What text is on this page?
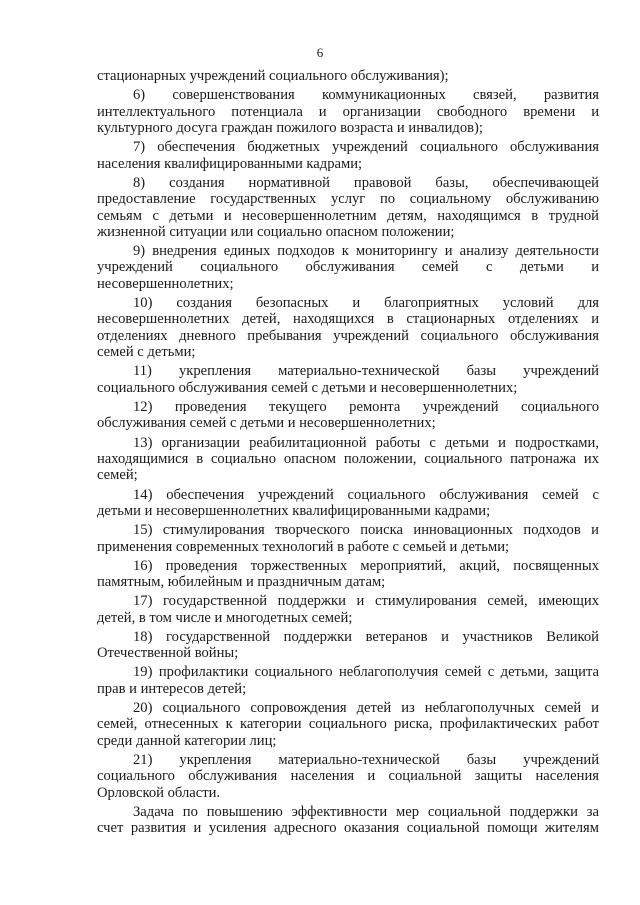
6
стационарных учреждений социального обслуживания);
6) совершенствования коммуникационных связей, развития
интеллектуального потенциала и организации свободного времени и
культурного досуга граждан пожилого возраста и инвалидов);
7) обеспечения бюджетных учреждений социального обслуживания
населения квалифицированными кадрами;
8) создания нормативной правовой базы, обеспечивающей
предоставление государственных услуг по социальному обслуживанию
семьям с детьми и несовершеннолетним детям, находящимся в трудной
жизненной ситуации или социально опасном положении;
9) внедрения единых подходов к мониторингу и анализу деятельности
учреждений социального обслуживания семей с детьми и
несовершеннолетних;
10) создания безопасных и благоприятных условий для
несовершеннолетних детей, находящихся в стационарных отделениях и
отделениях дневного пребывания учреждений социального обслуживания
семей с детьми;
11) укрепления материально-технической базы учреждений
социального обслуживания семей с детьми и несовершеннолетних;
12) проведения текущего ремонта учреждений социального
обслуживания семей с детьми и несовершеннолетних;
13) организации реабилитационной работы с детьми и подростками,
находящимися в социально опасном положении, социального патронажа их
семей;
14) обеспечения учреждений социального обслуживания семей с
детьми и несовершеннолетних квалифицированными кадрами;
15) стимулирования творческого поиска инновационных подходов и
применения современных технологий в работе с семьей и детьми;
16) проведения торжественных мероприятий, акций, посвященных
памятным, юбилейным и праздничным датам;
17) государственной поддержки и стимулирования семей, имеющих
детей, в том числе и многодетных семей;
18) государственной поддержки ветеранов и участников Великой
Отечественной войны;
19) профилактики социального неблагополучия семей с детьми, защита
прав и интересов детей;
20) социального сопровождения детей из неблагополучных семей и
семей, отнесенных к категории социального риска, профилактических работ
среди данной категории лиц;
21) укрепления материально-технической базы учреждений
социального обслуживания населения и социальной защиты населения
Орловской области.
Задача по повышению эффективности мер социальной поддержки за
счет развития и усиления адресного оказания социальной помощи жителям
